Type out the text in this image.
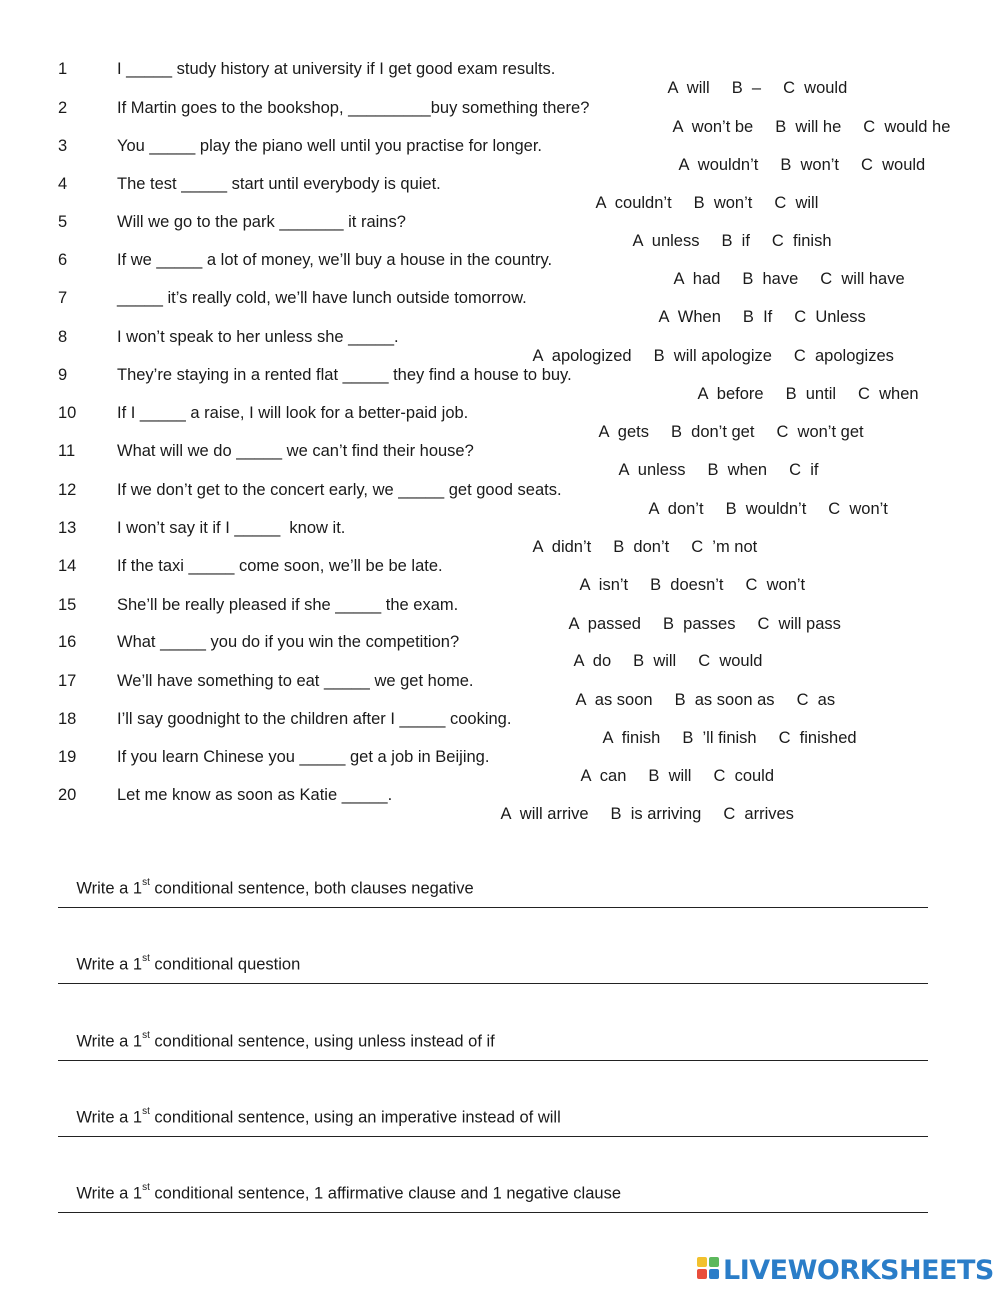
1	I _____ study history at university if I get good exam results.

A  will B  – C  would

2	If Martin goes to the bookshop, _________buy something there?

A  won’t be B  will he C  would he

3	You _____ play the piano well until you practise for longer.

A  wouldn’t B  won’t C  would

4	The test _____ start until everybody is quiet.

A  couldn’t B  won’t C  will

5	Will we go to the park _______ it rains?

A  unless B  if C  finish

6	If we _____ a lot of money, we’ll buy a house in the country.

A  had B  have C  will have

7	_____ it’s really cold, we’ll have lunch outside tomorrow.

A  When B  If C  Unless

8	I won’t speak to her unless she _____.

A  apologized B  will apologize C  apologizes

9	They’re staying in a rented flat _____ they find a house to buy.

A  before B  until C  when

10 If I _____ a raise, I will look for a better-paid job.

A  gets B  don’t get C  won’t get

11	What will we do _____ we can’t find their house?

A  unless B  when C  if

12 If we don’t get to the concert early, we _____ get good seats.

A  don’t B  wouldn’t C  won’t

13 I won’t say it if I _____  know it.

A  didn’t B  don’t C  ’m not

14 If the taxi _____ come soon, we’ll be be late.

A  isn’t B  doesn’t C  won’t

15 She’ll be really pleased if she _____ the exam.

A  passed B  passes C  will pass

16 What _____ you do if you win the competition?

A  do B  will C  would

17 We’ll have something to eat _____ we get home.

A  as soon B  as soon as C  as

18 I’ll say goodnight to the children after I _____ cooking.

A  finish B  ’ll finish C  finished

19 If you learn Chinese you _____ get a job in Beijing.

A  can B  will C  could

20 Let me know as soon as Katie _____.

A  will arrive B  is arriving C  arrives

Write a 1st conditional sentence, both clauses negative

Write a 1st conditional question

Write a 1st conditional sentence, using unless instead of if

Write a 1st conditional sentence, using an imperative instead of will

Write a 1st conditional sentence, 1 affirmative clause and 1 negative clause

LIVEWORKSHEETS
